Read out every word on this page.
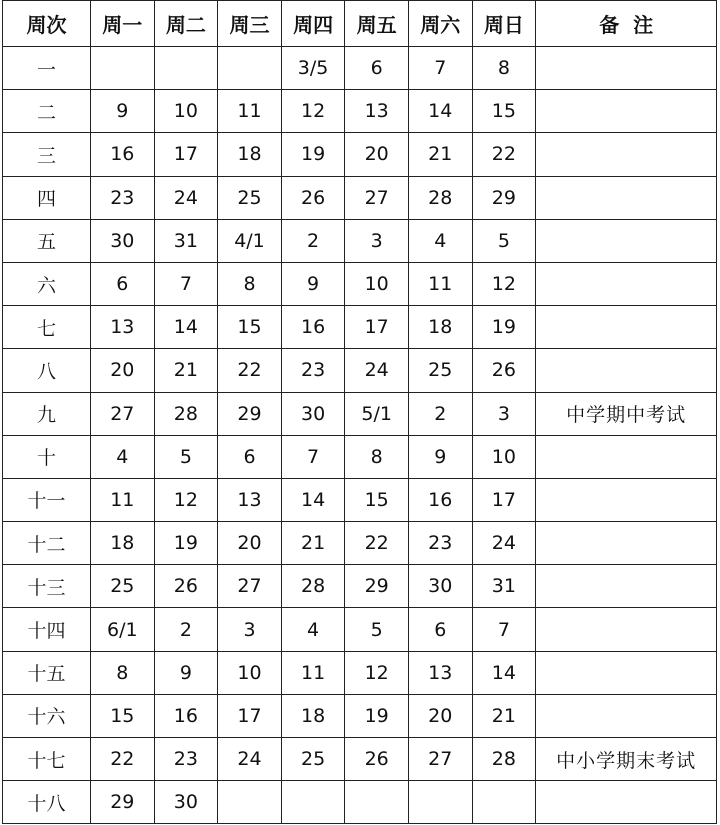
周次	周一	周二	周三	周四	周五	周六	周日	备  注
一				3/5	6	7	8	
二	9	10	11	12	13	14	15	
三	16	17	18	19	20	21	22	
四	23	24	25	26	27	28	29	
五	30	31	4/1	2	3	4	5	
六	6	7	8	9	10	11	12	
七	13	14	15	16	17	18	19	
八	20	21	22	23	24	25	26	
九	27	28	29	30	5/1	2	3	中学期中考试
十	4	5	6	7	8	9	10	
十一	11	12	13	14	15	16	17	
十二	18	19	20	21	22	23	24	
十三	25	26	27	28	29	30	31	
十四	6/1	2	3	4	5	6	7	
十五	8	9	10	11	12	13	14	
十六	15	16	17	18	19	20	21	
十七	22	23	24	25	26	27	28	中小学期末考试
十八	29	30						
